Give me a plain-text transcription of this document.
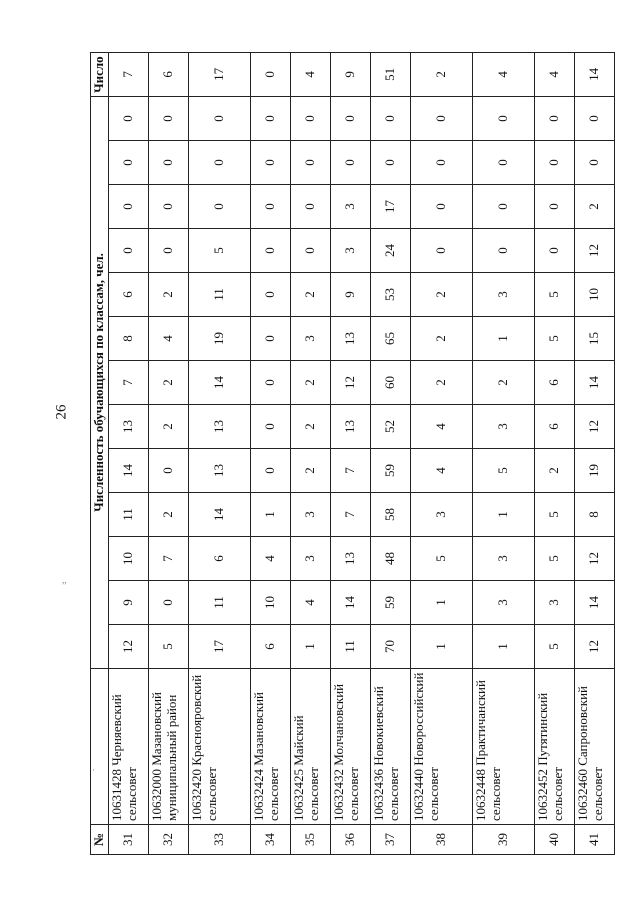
26
,,
·
№		Численность обучающихся по классам, чел.													Число
31	10631428 Черняевский сельсовет	12	9	10	11	14	13	7	8	6	0	0	0	0	7
32	10632000 Мазановский муниципальный район	5	0	7	2	0	2	2	4	2	0	0	0	0	6
33	10632420 Краснояровский сельсовет	17	11	6	14	13	13	14	19	11	5	0	0	0	17
34	10632424 Мазановский сельсовет	6	10	4	1	0	0	0	0	0	0	0	0	0	0
35	10632425 Майский сельсовет	1	4	3	3	2	2	2	3	2	0	0	0	0	4
36	10632432 Молчановский сельсовет	11	14	13	7	7	13	12	13	9	3	3	0	0	9
37	10632436 Новокиевский сельсовет	70	59	48	58	59	52	60	65	53	24	17	0	0	51
38	10632440 Новороссийский сельсовет	1	1	5	3	4	4	2	2	2	0	0	0	0	2
39	10632448 Практичанский сельсовет	1	3	3	1	5	3	2	1	3	0	0	0	0	4
40	10632452 Путятинский сельсовет	5	3	5	5	2	6	6	5	5	0	0	0	0	4
41	10632460 Сапроновский сельсовет	12	14	12	8	19	12	14	15	10	12	2	0	0	14
